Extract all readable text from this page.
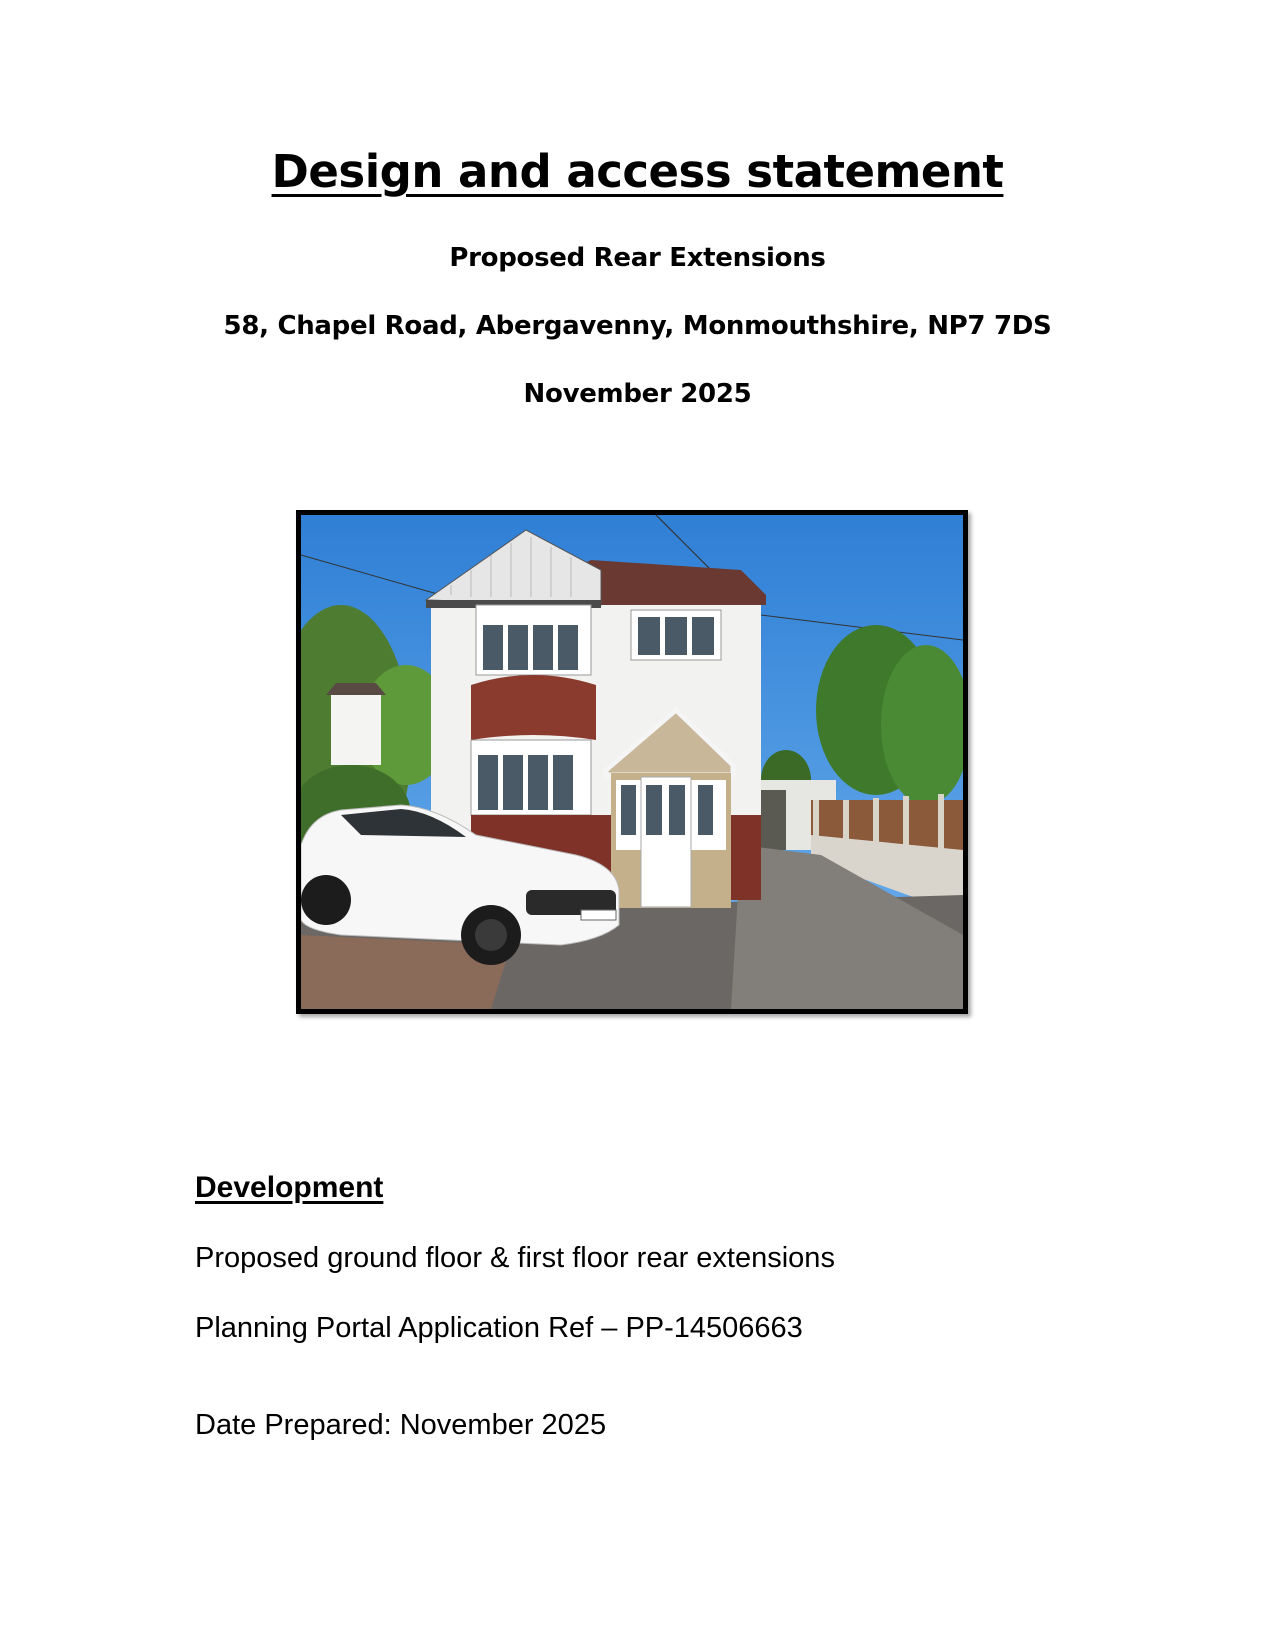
Design and access statement
Proposed Rear Extensions
58, Chapel Road, Abergavenny, Monmouthshire, NP7 7DS
November 2025
Development
Proposed ground floor & first floor rear extensions
Planning Portal Application Ref – PP-14506663
Date Prepared: November 2025
